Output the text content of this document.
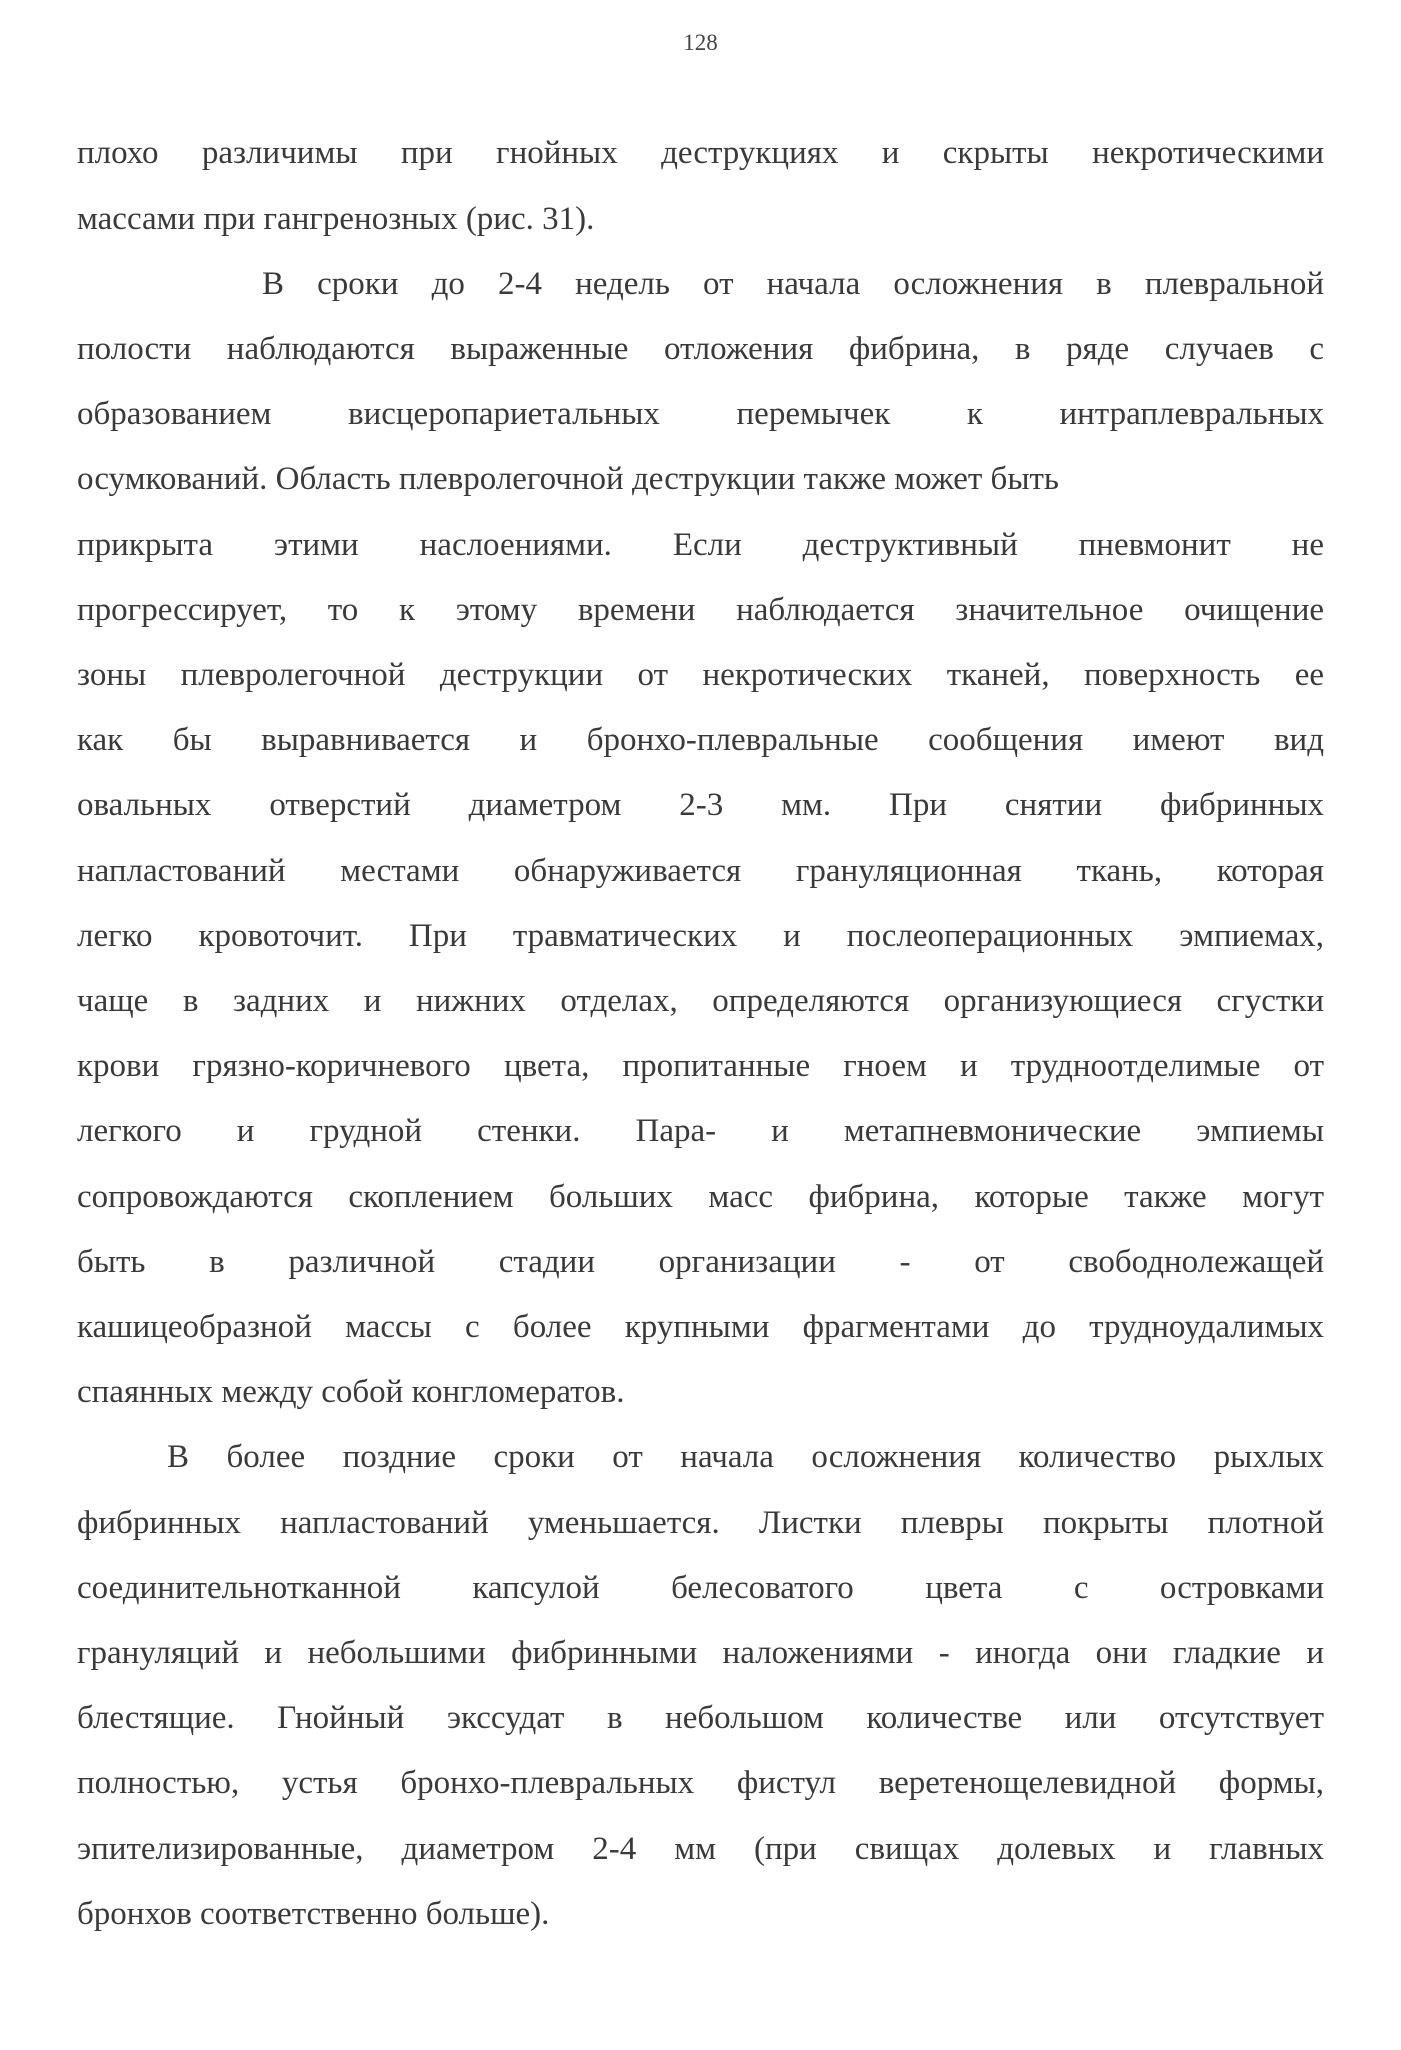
128
плохо различимы при гнойных деструкциях и скрыты некротическими
массами при гангренозных (рис. 31).
В сроки до 2-4 недель от начала осложнения в плевральной
полости наблюдаются выраженные отложения фибрина, в ряде случаев с
образованием висцеропариетальных перемычек к интраплевральных
осумкований. Область плевролегочной деструкции также может быть
прикрыта этими наслоениями. Если деструктивный пневмонит не
прогрессирует, то к этому времени наблюдается значительное очищение
зоны плевролегочной деструкции от некротических тканей, поверхность ее
как бы выравнивается и бронхо-плевральные сообщения имеют вид
овальных отверстий диаметром 2-3 мм. При снятии фибринных
напластований местами обнаруживается грануляционная ткань, которая
легко кровоточит. При травматических и послеоперационных эмпиемах,
чаще в задних и нижних отделах, определяются организующиеся сгустки
крови грязно-коричневого цвета, пропитанные гноем и трудноотделимые от
легкого и грудной стенки. Пара- и метапневмонические эмпиемы
сопровождаются скоплением больших масс фибрина, которые также могут
быть в различной стадии организации - от свободнолежащей
кашицеобразной массы с более крупными фрагментами до трудноудалимых
спаянных между собой конгломератов.
В более поздние сроки от начала осложнения количество рыхлых
фибринных напластований уменьшается. Листки плевры покрыты плотной
соединительнотканной капсулой белесоватого цвета с островками
грануляций и небольшими фибринными наложениями - иногда они гладкие и
блестящие. Гнойный экссудат в небольшом количестве или отсутствует
полностью, устья бронхо-плевральных фистул веретенощелевидной формы,
эпителизированные, диаметром 2-4 мм (при свищах долевых и главных
бронхов соответственно больше).
